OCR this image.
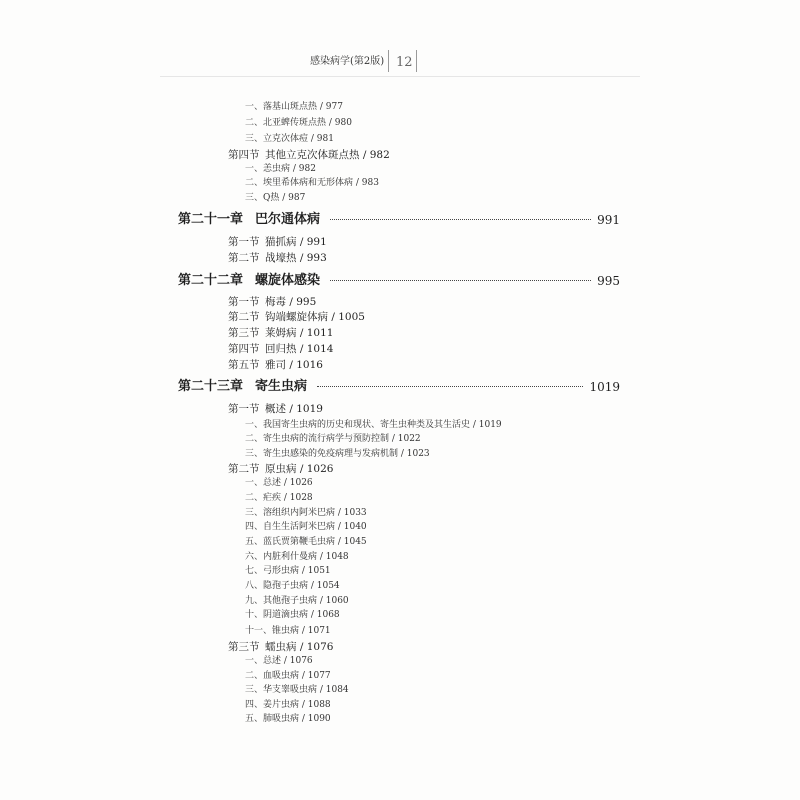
感染病学(第2版) 12
一、落基山斑点热 / 977
二、北亚蜱传斑点热 / 980
三、立克次体痘 / 981
第四节 其他立克次体斑点热 / 982
一、恙虫病 / 982
二、埃里希体病和无形体病 / 983
三、Q热 / 987
第二十一章 巴尔通体病	991
第一节 猫抓病 / 991
第二节 战壕热 / 993
第二十二章 螺旋体感染	995
第一节 梅毒 / 995
第二节 钩端螺旋体病 / 1005
第三节 莱姆病 / 1011
第四节 回归热 / 1014
第五节 雅司 / 1016
第二十三章 寄生虫病	1019
第一节 概述 / 1019
一、我国寄生虫病的历史和现状、寄生虫种类及其生活史 / 1019
二、寄生虫病的流行病学与预防控制 / 1022
三、寄生虫感染的免疫病理与发病机制 / 1023
第二节 原虫病 / 1026
一、总述 / 1026
二、疟疾 / 1028
三、溶组织内阿米巴病 / 1033
四、自生生活阿米巴病 / 1040
五、蓝氏贾第鞭毛虫病 / 1045
六、内脏利什曼病 / 1048
七、弓形虫病 / 1051
八、隐孢子虫病 / 1054
九、其他孢子虫病 / 1060
十、阴道滴虫病 / 1068
十一、锥虫病 / 1071
第三节 蠕虫病 / 1076
一、总述 / 1076
二、血吸虫病 / 1077
三、华支睾吸虫病 / 1084
四、姜片虫病 / 1088
五、肺吸虫病 / 1090
